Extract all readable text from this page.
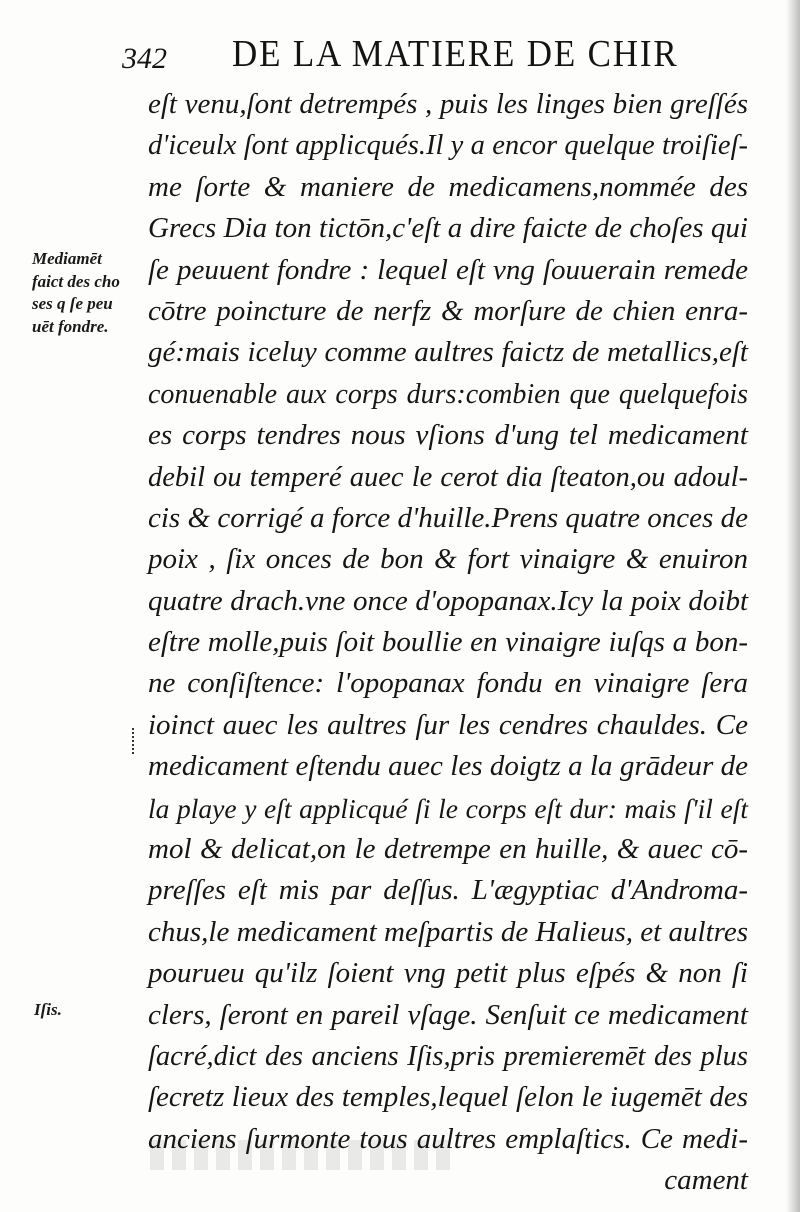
342 DE LA MATIERE DE CHIR
Mediamēt
faict des cho
ses q ſe peu
uēt fondre.
Iſis.
eſt venu,ſont detrempés , puis les linges bien greſſés
d'iceulx ſont applicqués.Il y a encor quelque troiſieſ-
me ſorte & maniere de medicamens,nommée des
Grecs Dia ton tictōn,c'eſt a dire faicte de choſes qui
ſe peuuent fondre : lequel eſt vng ſouuerain remede
cōtre poincture de nerfz & morſure de chien enra-
gé:mais iceluy comme aultres faictz de metallics,eſt
conuenable aux corps durs:combien que quelquefois
es corps tendres nous vſions d'ung tel medicament
debil ou temperé auec le cerot dia ſteaton,ou adoul-
cis & corrigé a force d'huille.Prens quatre onces de
poix , ſix onces de bon & fort vinaigre & enuiron
quatre drach.vne once d'opopanax.Icy la poix doibt
eſtre molle,puis ſoit boullie en vinaigre iuſqs a bon-
ne conſiſtence: l'opopanax fondu en vinaigre ſera
ioinct auec les aultres ſur les cendres chauldes. Ce
medicament eſtendu auec les doigtz a la grādeur de
la playe y eſt applicqué ſi le corps eſt dur: mais ſ'il eſt
mol & delicat,on le detrempe en huille, & auec cō-
preſſes eſt mis par deſſus. L'ægyptiac d'Androma-
chus,le medicament meſpartis de Halieus, et aultres
pourueu qu'ilz ſoient vng petit plus eſpés & non ſi
clers, ſeront en pareil vſage. Senſuit ce medicament
ſacré,dict des anciens Iſis,pris premieremēt des plus
ſecretz lieux des temples,lequel ſelon le iugemēt des
anciens ſurmonte tous aultres emplaſtics. Ce medi-
cament
